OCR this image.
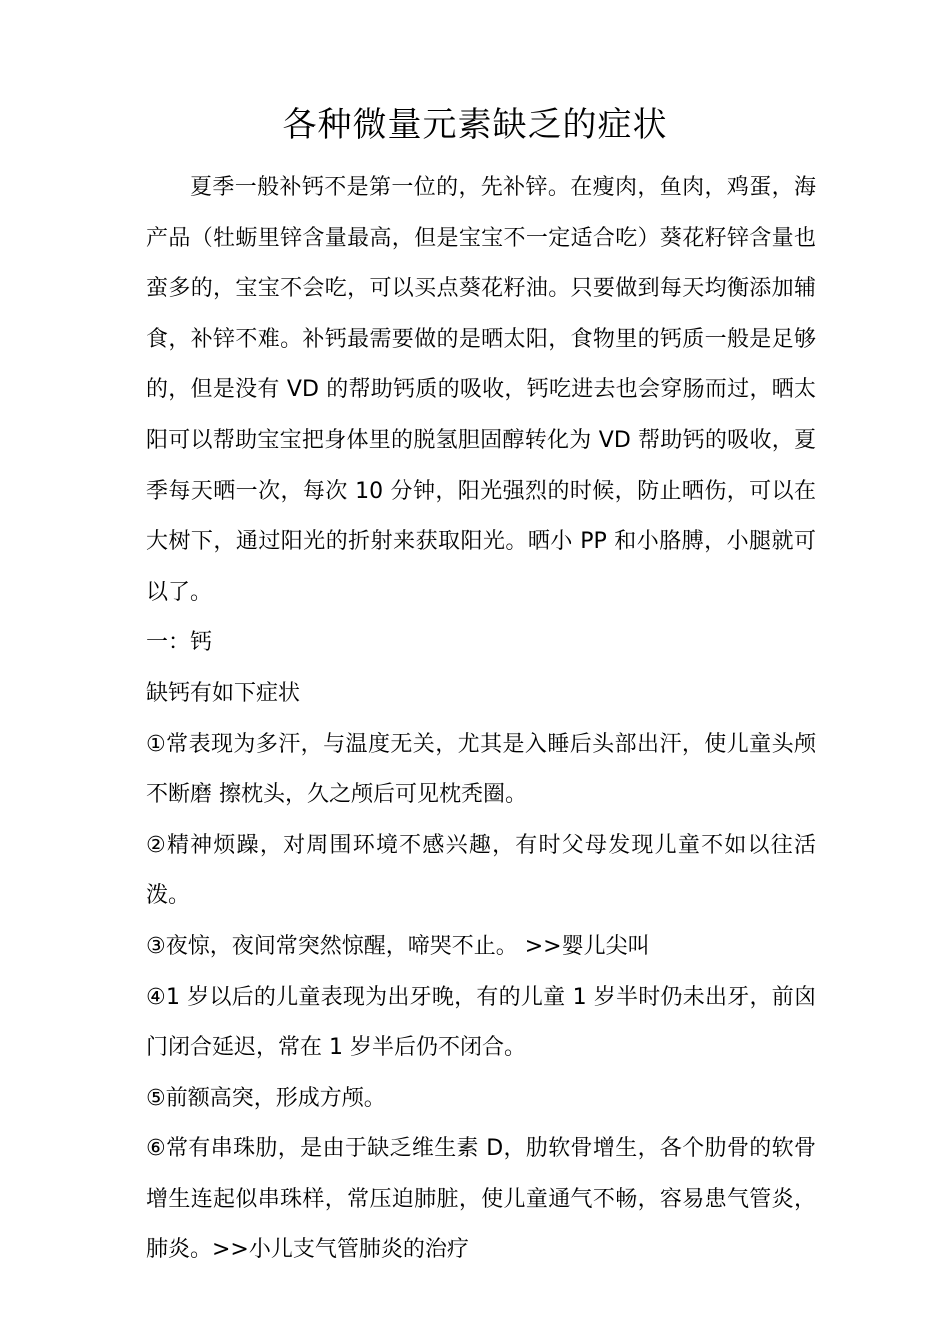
各种微量元素缺乏的症状

夏季一般补钙不是第一位的，先补锌。在瘦肉，鱼肉，鸡蛋，海产品（牡蛎里锌含量最高，但是宝宝不一定适合吃）葵花籽锌含量也蛮多的，宝宝不会吃，可以买点葵花籽油。只要做到每天均衡添加辅食，补锌不难。补钙最需要做的是晒太阳，食物里的钙质一般是足够的，但是没有 VD 的帮助钙质的吸收，钙吃进去也会穿肠而过，晒太阳可以帮助宝宝把身体里的脱氢胆固醇转化为 VD 帮助钙的吸收，夏季每天晒一次，每次 10 分钟，阳光强烈的时候，防止晒伤，可以在大树下，通过阳光的折射来获取阳光。晒小 PP 和小胳膊，小腿就可以了。

一：钙

缺钙有如下症状

①常表现为多汗，与温度无关，尤其是入睡后头部出汗，使儿童头颅不断磨 擦枕头，久之颅后可见枕秃圈。

②精神烦躁，对周围环境不感兴趣，有时父母发现儿童不如以往活泼。

③夜惊，夜间常突然惊醒，啼哭不止。 >>婴儿尖叫

④1 岁以后的儿童表现为出牙晚，有的儿童 1 岁半时仍未出牙，前囟门闭合延迟，常在 1 岁半后仍不闭合。

⑤前额高突，形成方颅。

⑥常有串珠肋，是由于缺乏维生素 D，肋软骨增生，各个肋骨的软骨增生连起似串珠样，常压迫肺脏，使儿童通气不畅，容易患气管炎，肺炎。>>小儿支气管肺炎的治疗
